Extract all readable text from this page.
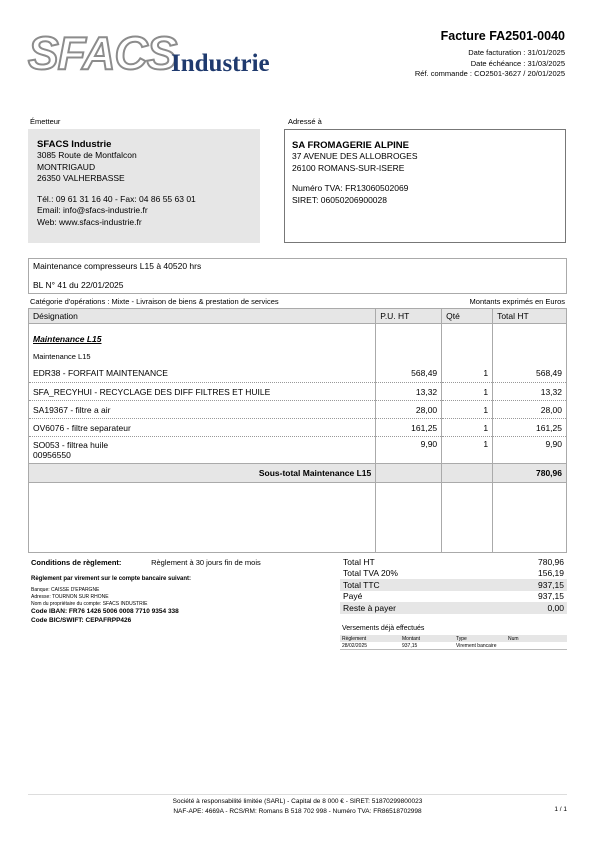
SFACS
Industrie
Facture FA2501-0040
Date facturation : 31/01/2025
Date échéance : 31/03/2025
Réf. commande : CO2501-3627 / 20/01/2025
Émetteur
SFACS Industrie
3085 Route de Montfalcon
MONTRIGAUD
26350 VALHERBASSE
Tél.: 09 61 31 16 40 - Fax: 04 86 55 63 01
Email: info@sfacs-industrie.fr
Web: www.sfacs-industrie.fr
Adressé à
SA FROMAGERIE ALPINE
37 AVENUE DES ALLOBROGES
26100 ROMANS-SUR-ISERE
Numéro TVA: FR13060502069
SIRET: 06050206900028
Maintenance compresseurs L15 à 40520 hrs
BL N° 41 du 22/01/2025
Catégorie d'opérations : Mixte - Livraison de biens & prestation de services	Montants exprimés en Euros
Désignation	P.U. HT	Qté	Total HT
Maintenance L15			
Maintenance L15			
EDR38 - FORFAIT MAINTENANCE	568,49	1	568,49
SFA_RECYHUI - RECYCLAGE DES DIFF FILTRES ET HUILE	13,32	1	13,32
SA19367 - filtre a air	28,00	1	28,00
OV6076 - filtre separateur	161,25	1	161,25

SO053 - filtrea huile
00956550	9,90	1	9,90
Sous-total Maintenance L15			780,96

Conditions de règlement:	Règlement à 30 jours fin de mois
Règlement par virement sur le compte bancaire suivant:
Banque: CAISSE D'EPARGNE
Adresse: TOURNON SUR RHONE
Nom du propriétaire du compte: SFACS INDUSTRIE
Code IBAN: FR76 1426 5006 0008 7710 9354 338
Code BIC/SWIFT: CEPAFRPP426
Total HT	780,96
Total TVA 20%	156,19
Total TTC	937,15
Payé	937,15
Reste à payer	0,00
Versements déjà effectués
Règlement	Montant	Type	Num
28/02/2025	937,15	Virement bancaire	
Société à responsabilité limitée (SARL) - Capital de 8 000 € - SIRET: 51870299800023
NAF-APE: 4669A - RCS/RM: Romans B 518 702 998 - Numéro TVA: FR86518702998	1 / 1
